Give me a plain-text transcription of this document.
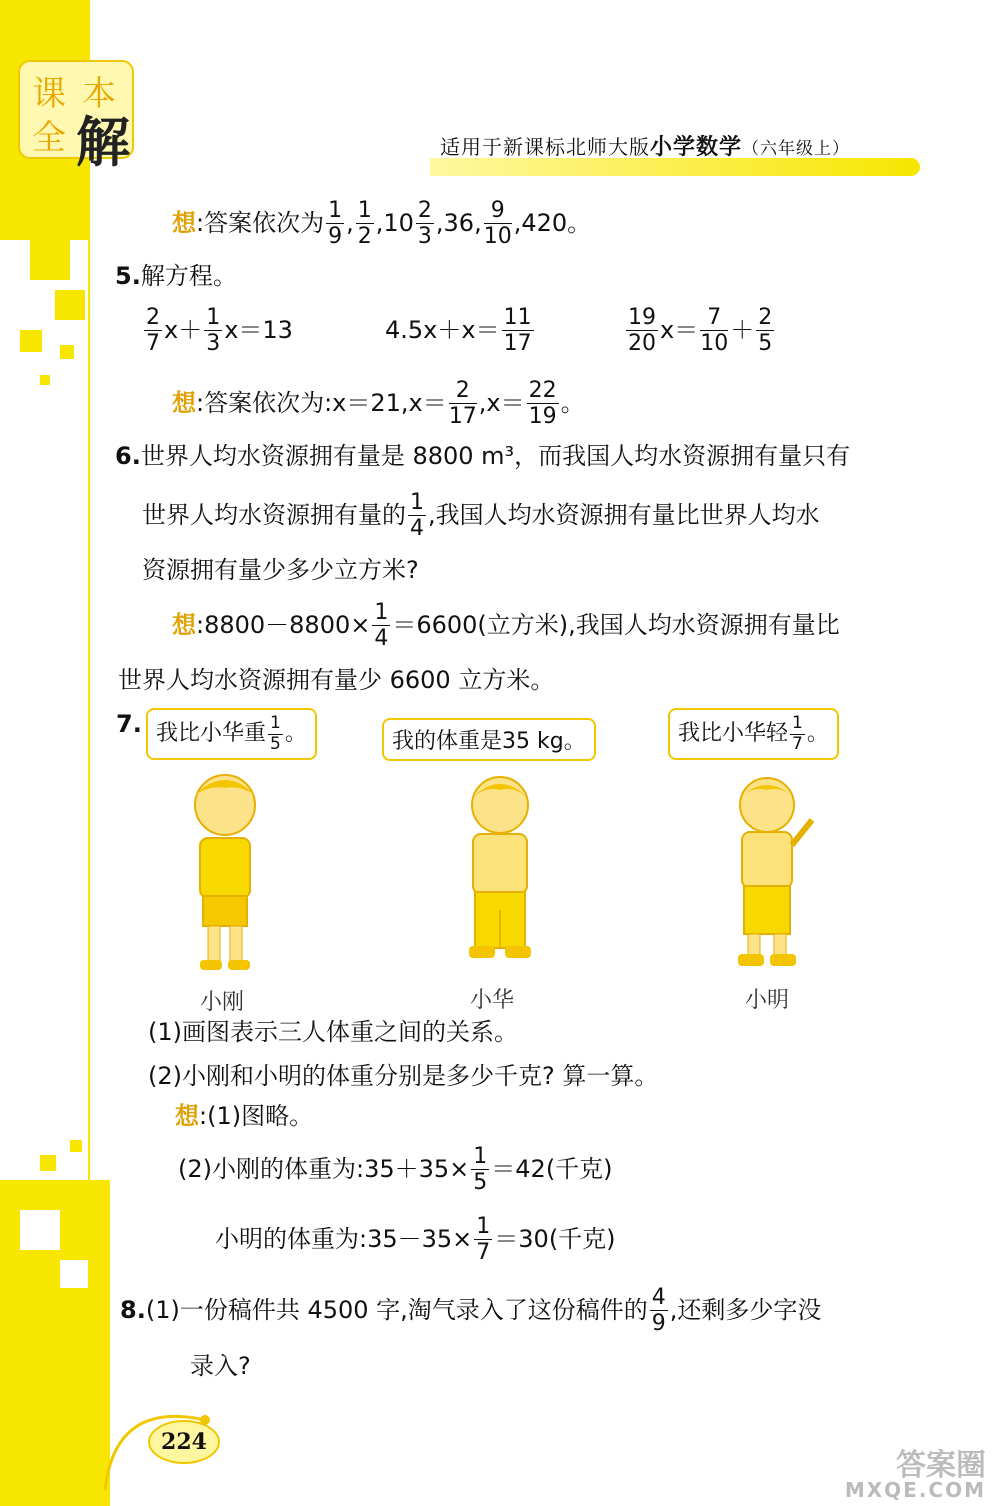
课 本
全 解	适用于新课标北师大版小学数学（六年级上）
想:答案依次为 $\frac{1}{9}$ , $\frac{1}{2} ,10 \frac{2}{3} ,36$, $\frac{9}{10} ,420$。
5.解方程。
$\frac{2}{7} x+ \frac{1}{3} x=13$	$4.5x+x= \frac{11}{17}$	$\frac{19}{20} x= \frac{7}{10} + \frac{2}{5}$
想:答案依次为:x＝21,x＝ $\frac{2}{17} ,x= \frac{22}{19}$ 。
6.世界人均水资源拥有量是 8800 m³，而我国人均水资源拥有量只有
世界人均水资源拥有量的 $\frac{1}{4}$ ,我国人均水资源拥有量比世界人均水
资源拥有量少多少立方米?
想:8800－8800× $\frac{1}{4} =6600$(立方米),我国人均水资源拥有量比
世界人均水资源拥有量少 6600 立方米。
7. 我比小华重 $\frac{1}{5}$ 。	我的体重是35 kg。	我比小华轻 $\frac{1}{7}$ 。
小刚	小华	小明
(1)画图表示三人体重之间的关系。
(2)小刚和小明的体重分别是多少千克? 算一算。
想:(1)图略。
(2)小刚的体重为:35＋35× $\frac{1}{5} =42$(千克)
小明的体重为:35－35× $\frac{1}{7} =30$(千克)
8.(1)一份稿件共 4500 字,淘气录入了这份稿件的 $\frac{4}{9}$ ,还剩多少字没
录入?
224
答案圈
MXQE.COM
